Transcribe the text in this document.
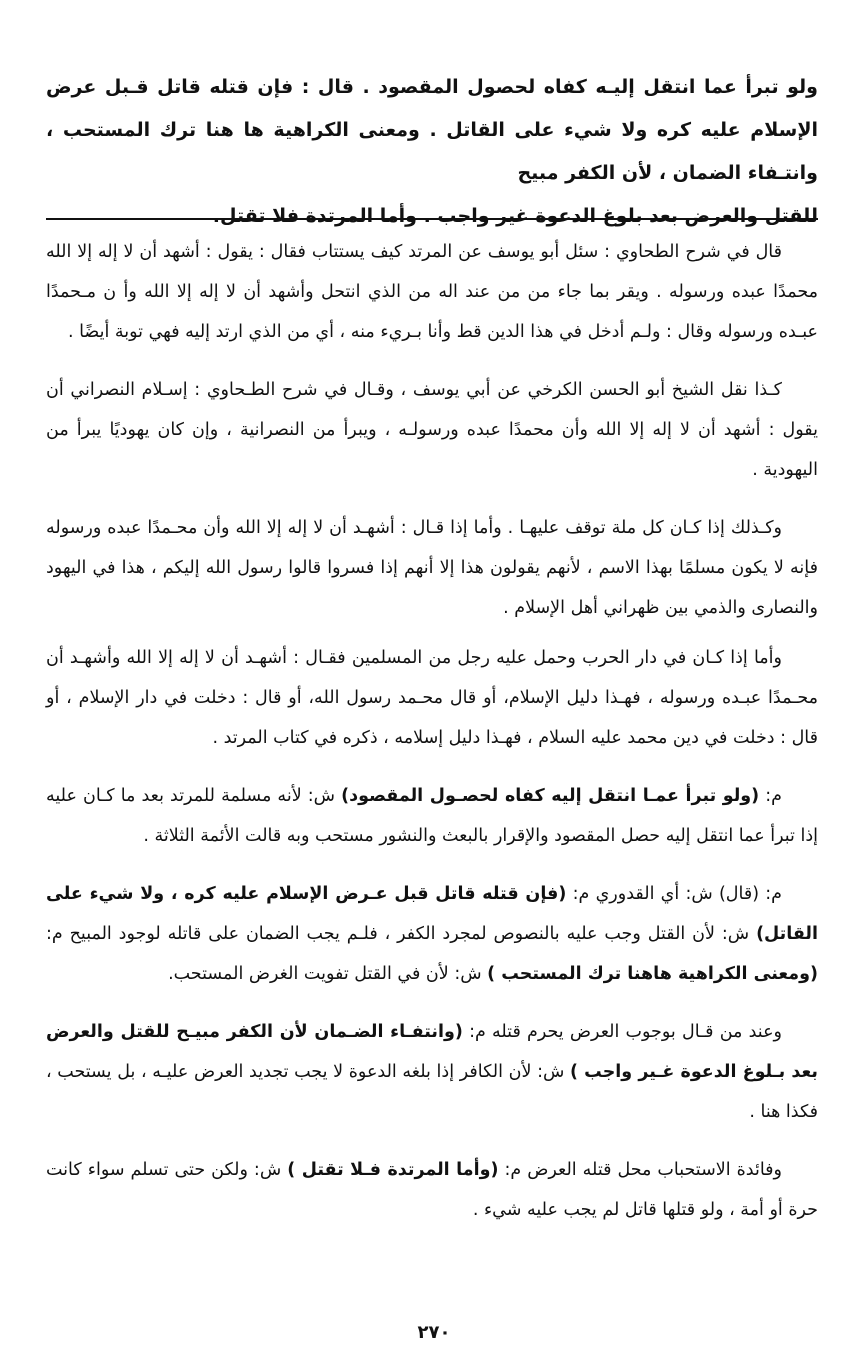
ولو تبرأ عما انتقل إليـه كفاه لحصول المقصود . قال : فإن قتله قاتل قـبل عرض الإسلام عليه كره ولا شيء على القاتل . ومعنى الكراهية ها هنا ترك المستحب ، وانتـفاء الضمان ، لأن الكفر مبيح
للقتل والعرض بعد بلوغ الدعوة غير واجب . وأما المرتدة فلا تقتل.

قال في شرح الطحاوي : سئل أبو يوسف عن المرتد كيف يستتاب فقال : يقول : أشهد أن لا إله إلا الله محمدًا عبده ورسوله . ويقر بما جاء من من عند اله من الذي انتحل وأشهد أن لا إله إلا الله وأ ن مـحمدًا عبـده ورسوله وقال : ولـم أدخل في هذا الدين قط وأنا بـريء منه ، أي من الذي ارتد إليه فهي توبة أيضًا .

كـذا نقل الشيخ أبو الحسن الكرخي عن أبي يوسف ، وقـال في شرح الطـحاوي : إسـلام النصراني أن يقول : أشهد أن لا إله إلا الله وأن محمدًا عبده ورسولـه ، ويبرأ من النصرانية ، وإن كان يهوديًا يبرأ من اليهودية .

وكـذلك إذا كـان كل ملة توقف عليهـا . وأما إذا قـال : أشهـد أن لا إله إلا الله وأن محـمدًا عبده ورسوله فإنه لا يكون مسلمًا بهذا الاسم ، لأنهم يقولون هذا إلا أنهم إذا فسروا قالوا رسول الله إليكم ، هذا في اليهود والنصارى والذمي بين ظهراني أهل الإسلام .

وأما إذا كـان في دار الحرب وحمل عليه رجل من المسلمين فقـال : أشهـد أن لا إله إلا الله وأشهـد أن محـمدًا عبـده ورسوله ، فهـذا دليل الإسلام، أو قال محـمد رسول الله، أو قال : دخلت في دار الإسلام ، أو قال : دخلت في دين محمد عليه السلام ، فهـذا دليل إسلامه ، ذكره في كتاب المرتد .

م: (ولو تبرأ عمـا انتقل إليه كفاه لحصـول المقصود) ش: لأنه مسلمة للمرتد بعد ما كـان عليه إذا تبرأ عما انتقل إليه حصل المقصود والإقرار بالبعث والنشور مستحب وبه قالت الأئمة الثلاثة .

م: (قال) ش: أي القدوري م: (فإن قتله قاتل قبل عـرض الإسلام عليه كره ، ولا شيء على القاتل) ش: لأن القتل وجب عليه بالنصوص لمجرد الكفر ، فلـم يجب الضمان على قاتله لوجود المبيح م: (ومعنى الكراهية هاهنا ترك المستحب ) ش: لأن في القتل تفويت الغرض المستحب.

وعند من قـال بوجوب العرض يحرم قتله م: (وانتفـاء الضـمان لأن الكفر مبيـح للقتل والعرض بعد بـلوغ الدعوة غـير واجب ) ش: لأن الكافر إذا بلغه الدعوة لا يجب تجديد العرض عليـه ، بل يستحب ، فكذا هنا .

وفائدة الاستحباب محل قتله العرض م: (وأما المرتدة فـلا تقتل ) ش: ولكن حتى تسلم سواء كانت حرة أو أمة ، ولو قتلها قاتل لم يجب عليه شيء .

٢٧٠
